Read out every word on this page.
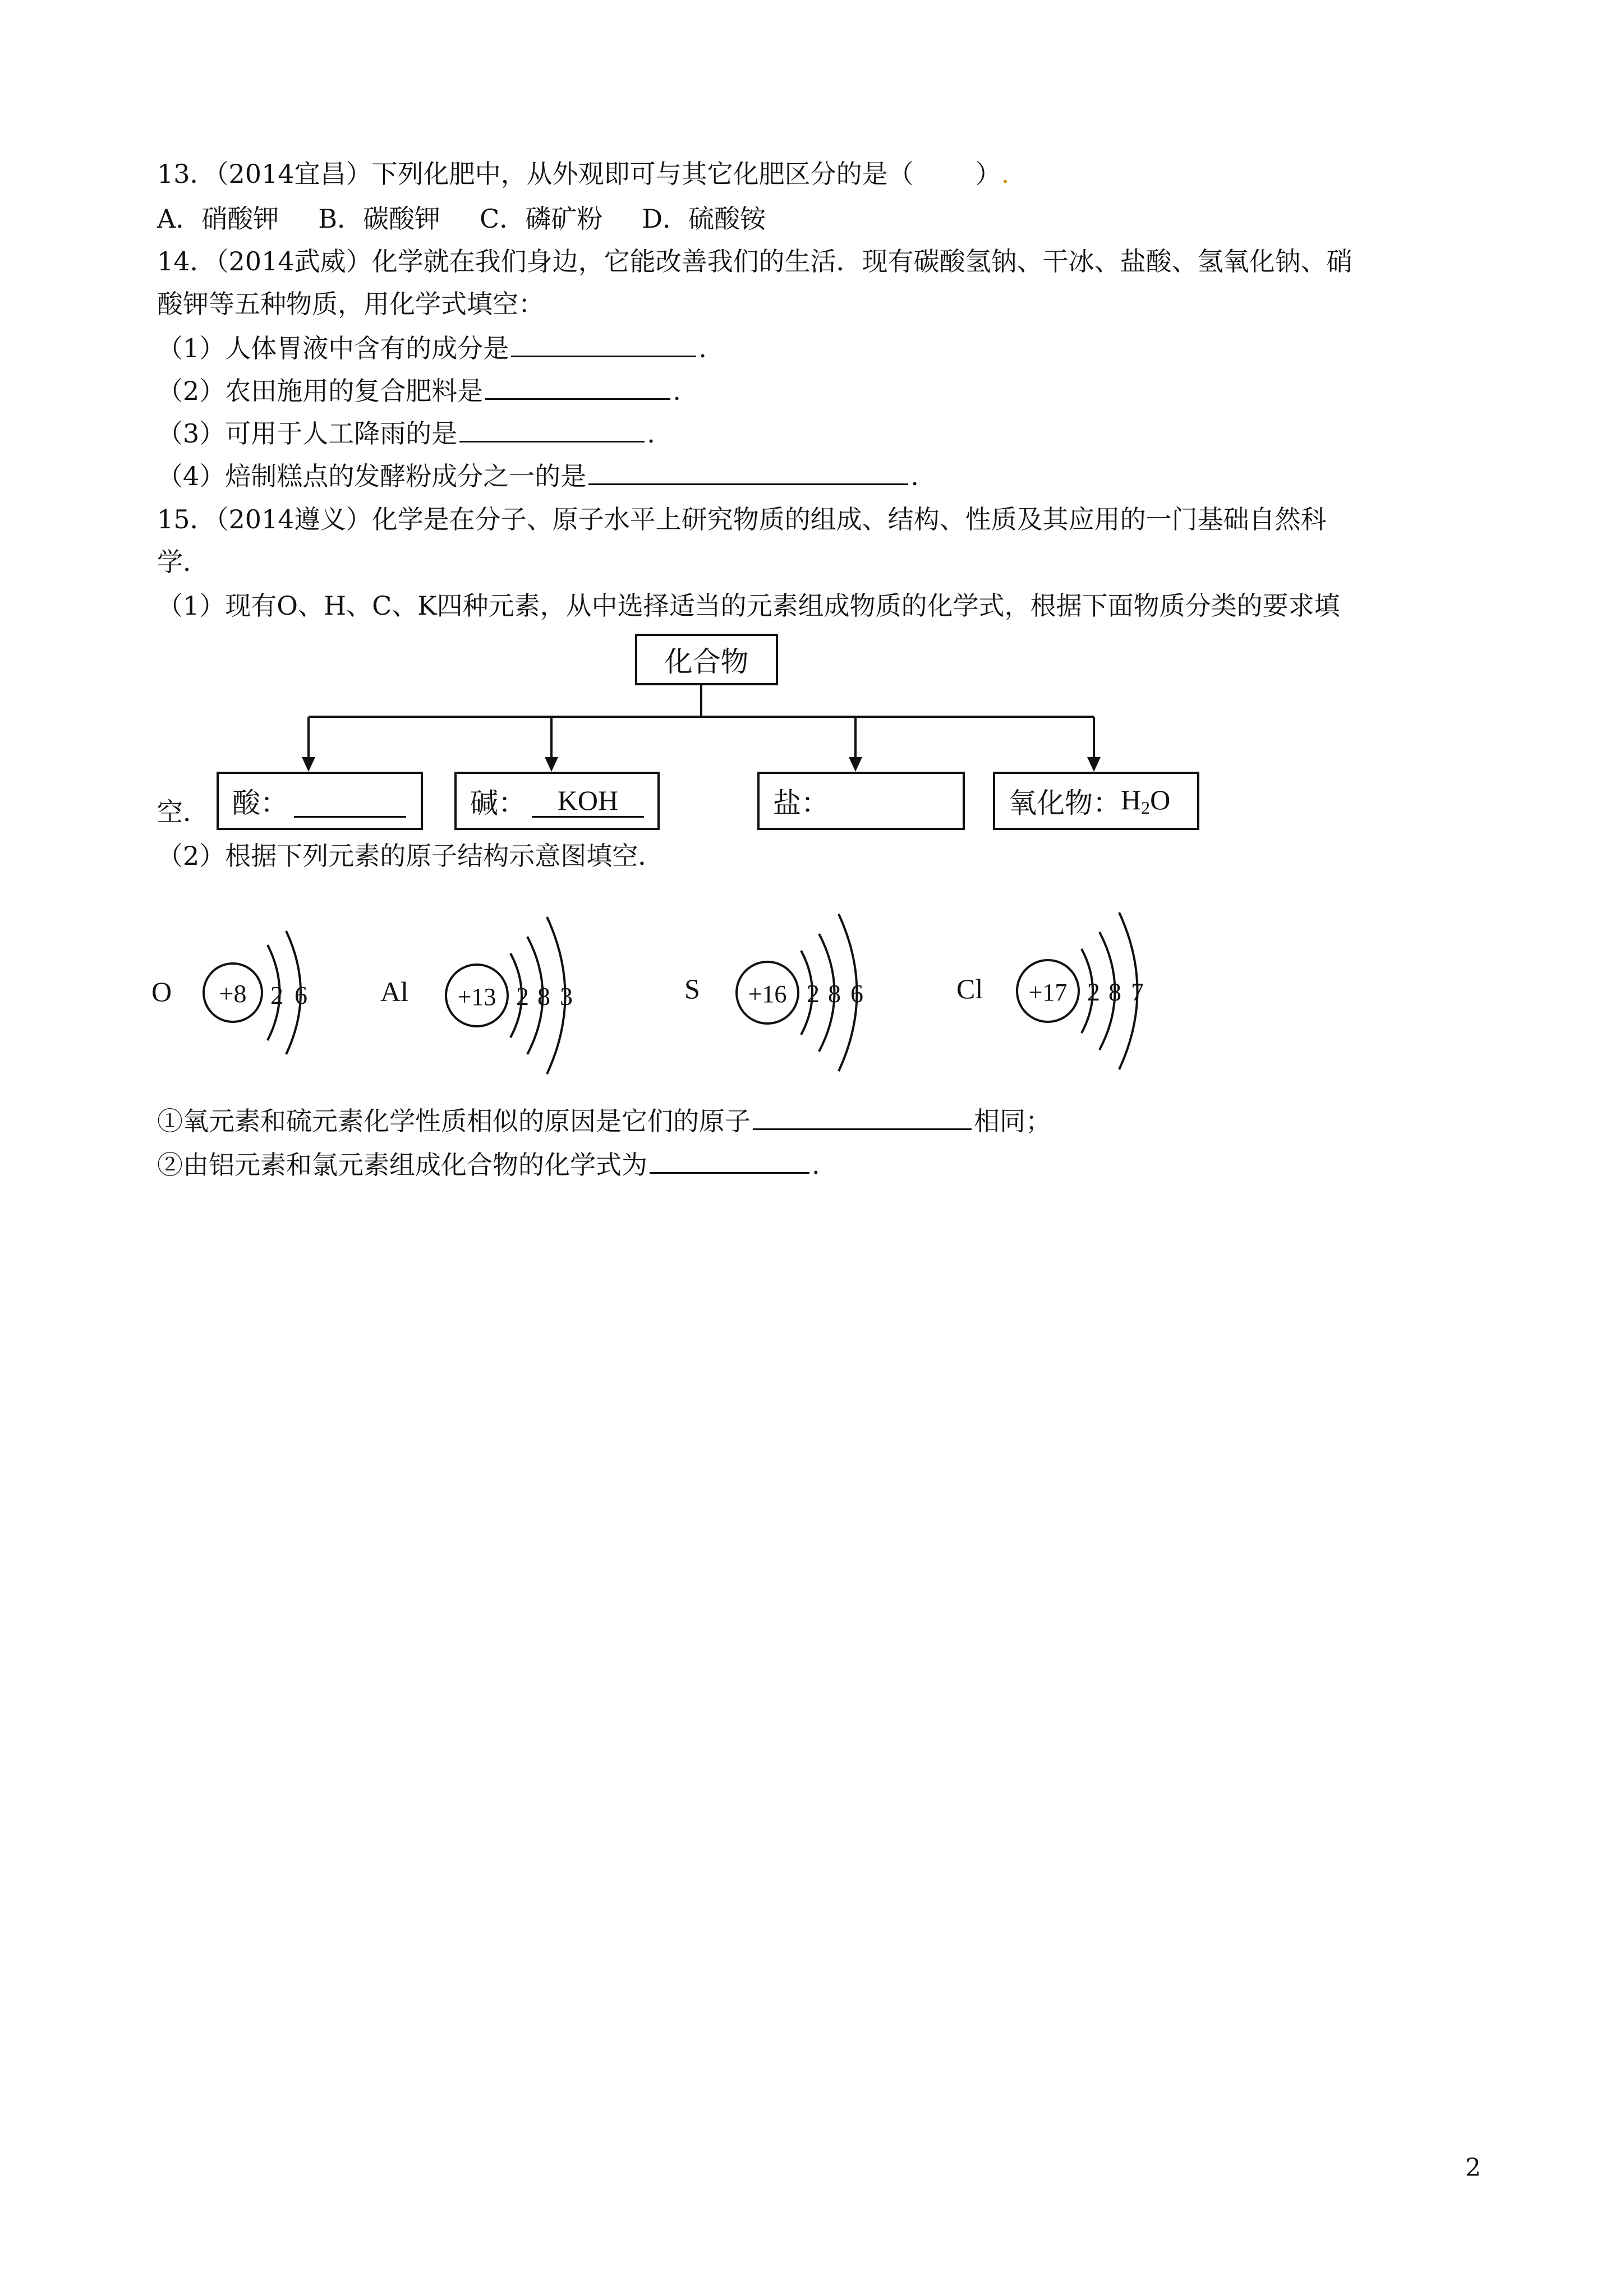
13．（2014宜昌）下列化肥中，从外观即可与其它化肥区分的是（ ）.
A．硝酸钾 B．碳酸钾 C．磷矿粉 D．硫酸铵
14．（2014武威）化学就在我们身边，它能改善我们的生活．现有碳酸氢钠、干冰、盐酸、氢氧化钠、硝
酸钾等五种物质，用化学式填空：
（1）人体胃液中含有的成分是	.
（2）农田施用的复合肥料是	.
（3）可用于人工降雨的是	.
（4）焙制糕点的发酵粉成分之一的是	.
15．（2014遵义）化学是在分子、原子水平上研究物质的组成、结构、性质及其应用的一门基础自然科
学．
（1）现有O、H、C、K四种元素，从中选择适当的元素组成物质的化学式，根据下面物质分类的要求填
化合物
酸：
	碱：	KOH	盐：	氧化物： $H_2O$
空．
（2）根据下列元素的原子结构示意图填空．
O +8 2 6	Al +13 2 8 3	S +16 2 8 6	Cl +17 2 8 7
①氧元素和硫元素化学性质相似的原因是它们的原子	相同；
②由铝元素和氯元素组成化合物的化学式为	.
2
